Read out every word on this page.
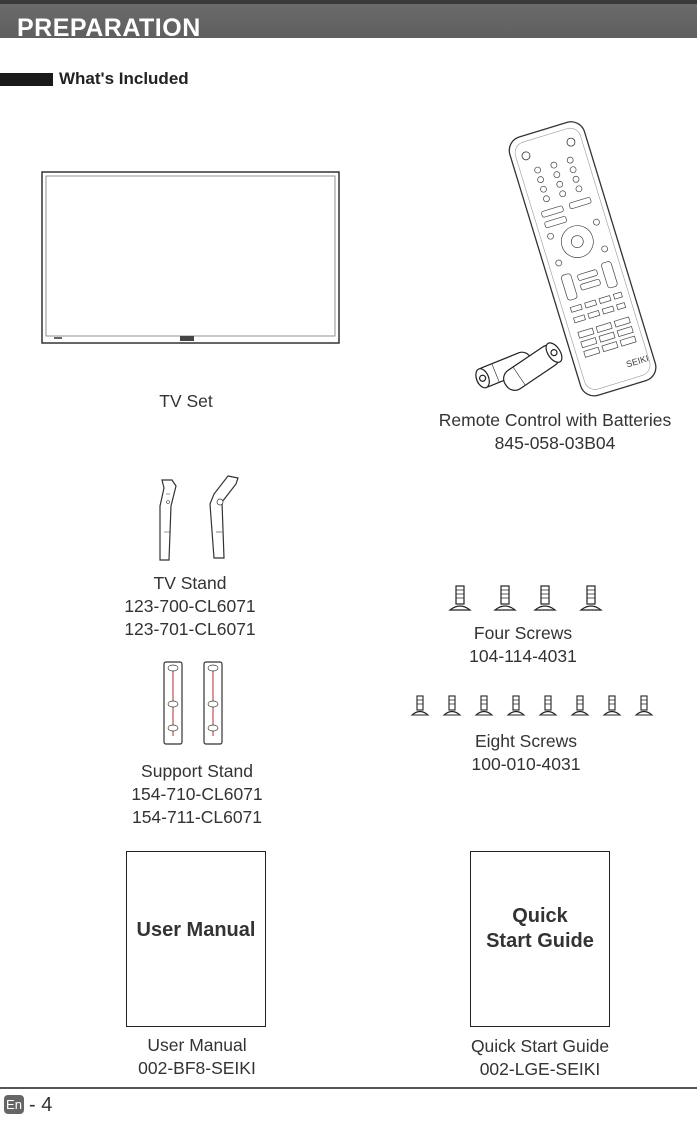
PREPARATION
What's Included
TV Set
SEIKI
Remote Control with Batteries
845-058-03B04
TV Stand
123-700-CL6071
123-701-CL6071	Four Screws
104-114-4031
Support Stand
154-710-CL6071
154-711-CL6071
Eight Screws
100-010-4031
User Manual
User Manual
002-BF8-SEIKI
Quick
Start Guide
Quick Start Guide
002-LGE-SEIKI
En - 4
